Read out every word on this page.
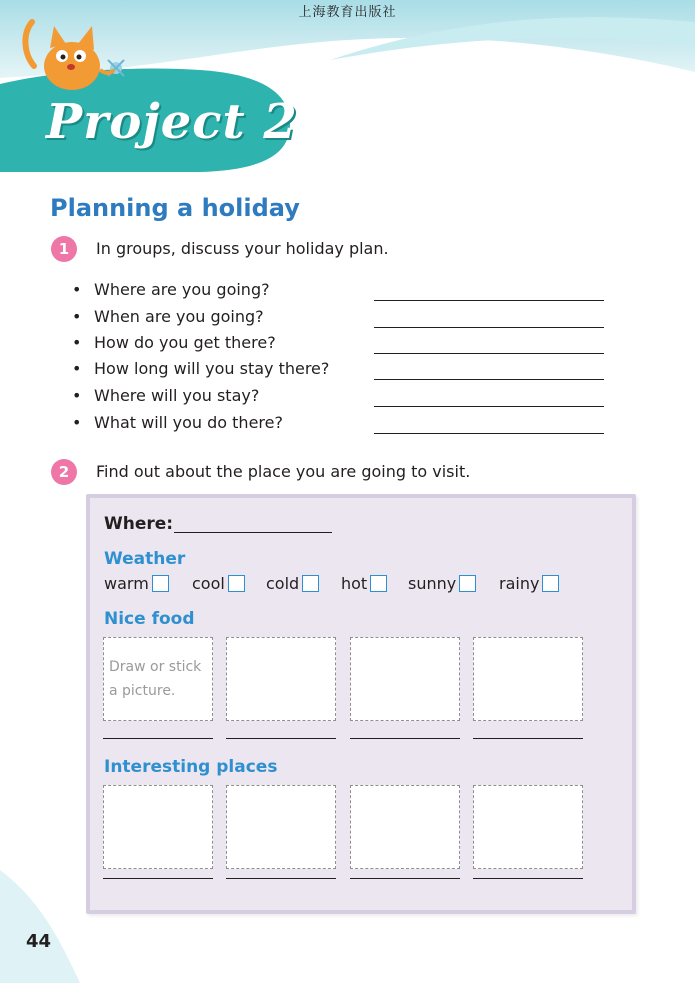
上海教育出版社
Project 2
Planning a holiday
1	In groups, discuss your holiday plan.
• Where are you going?
• When are you going?
• How do you get there?
• How long will you stay there?
• Where will you stay?
• What will you do there?
2	Find out about the place you are going to visit.
Where:
Weather
warm	cool	cold	hot	sunny	rainy
Nice food
Draw or stick
a picture.
Interesting places
44
